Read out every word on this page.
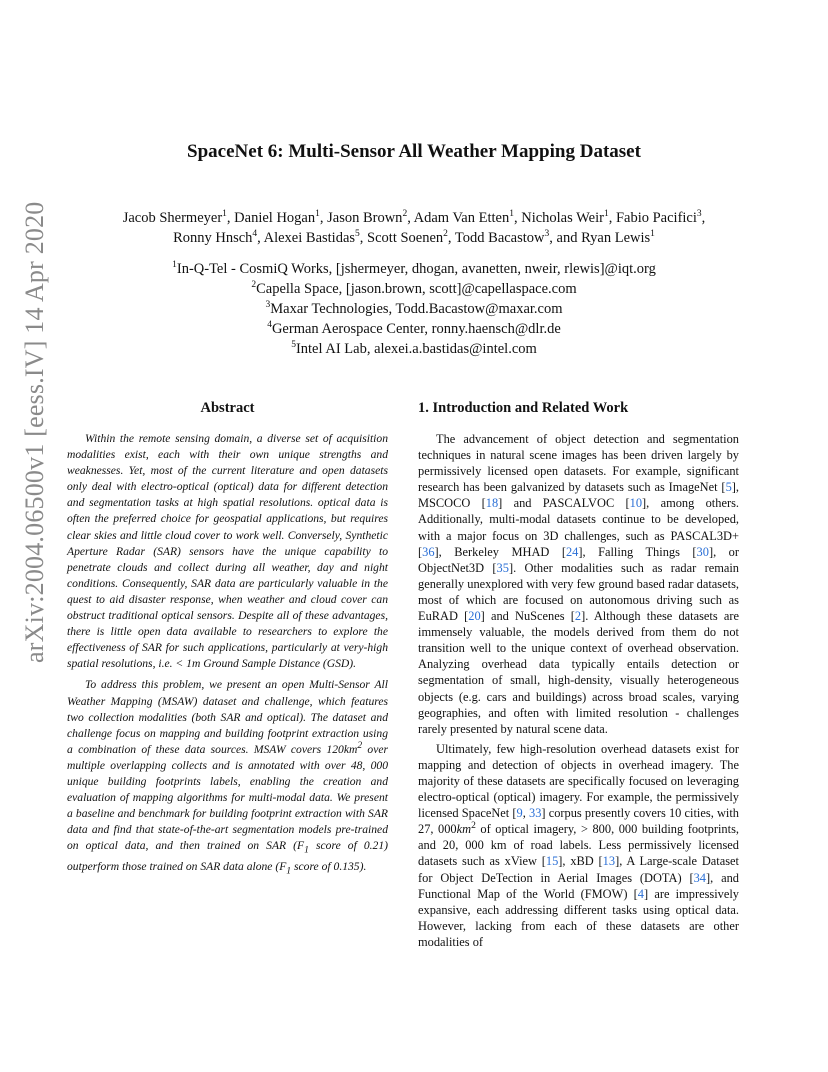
arXiv:2004.06500v1 [eess.IV] 14 Apr 2020
SpaceNet 6: Multi-Sensor All Weather Mapping Dataset
Jacob Shermeyer$^1$, Daniel Hogan$^1$, Jason Brown$^2$, Adam Van Etten$^1$, Nicholas Weir$^1$, Fabio Pacifici$^3$,
Ronny Hnsch$^4$, Alexei Bastidas$^5$, Scott Soenen$^2$, Todd Bacastow$^3$, and Ryan Lewis$^1$
$^1$In-Q-Tel - CosmiQ Works, [jshermeyer, dhogan, avanetten, nweir, rlewis]@iqt.org
$^2$Capella Space, [jason.brown, scott]@capellaspace.com
$^3$Maxar Technologies, Todd.Bacastow@maxar.com
$^4$German Aerospace Center, ronny.haensch@dlr.de
$^5$Intel AI Lab, alexei.a.bastidas@intel.com
Abstract

Within the remote sensing domain, a diverse set of acquisition modalities exist, each with their own unique strengths and weaknesses. Yet, most of the current literature and open datasets only deal with electro-optical (optical) data for different detection and segmentation tasks at high spatial resolutions. optical data is often the preferred choice for geospatial applications, but requires clear skies and little cloud cover to work well. Conversely, Synthetic Aperture Radar (SAR) sensors have the unique capability to penetrate clouds and collect during all weather, day and night conditions. Consequently, SAR data are particularly valuable in the quest to aid disaster response, when weather and cloud cover can obstruct traditional optical sensors. Despite all of these advantages, there is little open data available to researchers to explore the effectiveness of SAR for such applications, particularly at very-high spatial resolutions, i.e. < 1m Ground Sample Distance (GSD).

To address this problem, we present an open Multi-Sensor All Weather Mapping (MSAW) dataset and challenge, which features two collection modalities (both SAR and optical). The dataset and challenge focus on mapping and building footprint extraction using a combination of these data sources. MSAW covers $120km^2$ over multiple overlapping collects and is annotated with over 48, 000 unique building footprints labels, enabling the creation and evaluation of mapping algorithms for multi-modal data. We present a baseline and benchmark for building footprint extraction with SAR data and find that state-of-the-art segmentation models pre-trained on optical data, and then trained on SAR ($F_1$ score of 0.21) outperform those trained on SAR data alone ($F_1$ score of 0.135).

1. Introduction and Related Work

The advancement of object detection and segmentation techniques in natural scene images has been driven largely by permissively licensed open datasets. For example, significant research has been galvanized by datasets such as ImageNet [5], MSCOCO [18] and PASCALVOC [10], among others. Additionally, multi-modal datasets continue to be developed, with a major focus on 3D challenges, such as PASCAL3D+ [36], Berkeley MHAD [24], Falling Things [30], or ObjectNet3D [35]. Other modalities such as radar remain generally unexplored with very few ground based radar datasets, most of which are focused on autonomous driving such as EuRAD [20] and NuScenes [2]. Although these datasets are immensely valuable, the models derived from them do not transition well to the unique context of overhead observation. Analyzing overhead data typically entails detection or segmentation of small, high-density, visually heterogeneous objects (e.g. cars and buildings) across broad scales, varying geographies, and often with limited resolution - challenges rarely presented by natural scene data.

Ultimately, few high-resolution overhead datasets exist for mapping and detection of objects in overhead imagery. The majority of these datasets are specifically focused on leveraging electro-optical (optical) imagery. For example, the permissively licensed SpaceNet [9, 33] corpus presently covers 10 cities, with 27, $000km^2$ of optical imagery, > 800, 000 building footprints, and 20, 000 km of road labels. Less permissively licensed datasets such as xView [15], xBD [13], A Large-scale Dataset for Object DeTection in Aerial Images (DOTA) [34], and Functional Map of the World (FMOW) [4] are impressively expansive, each addressing different tasks using optical data. However, lacking from each of these datasets are other modalities of
